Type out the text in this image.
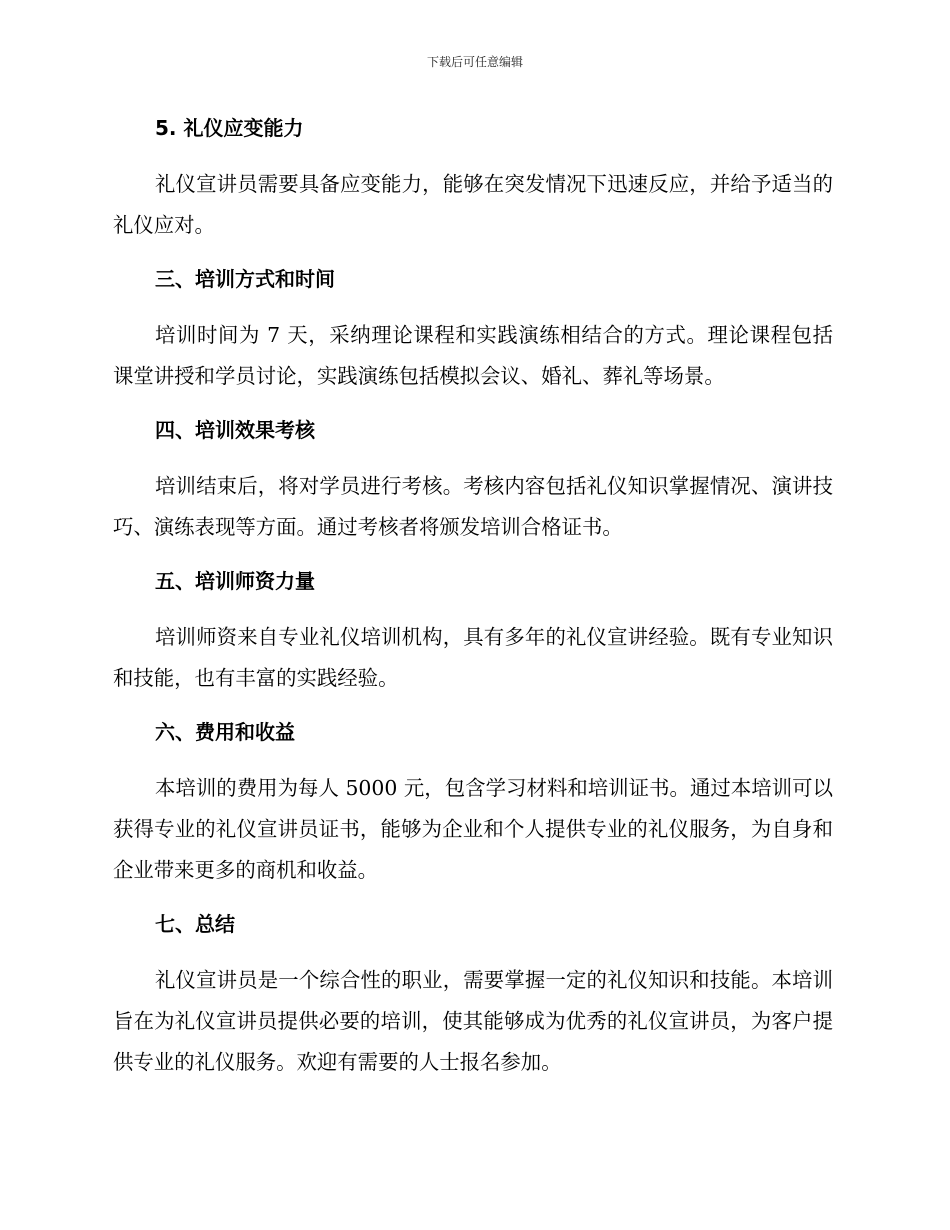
下载后可任意编辑
5. 礼仪应变能力

礼仪宣讲员需要具备应变能力，能够在突发情况下迅速反应，并给予适当的礼仪应对。

三、培训方式和时间

培训时间为 7 天，采纳理论课程和实践演练相结合的方式。理论课程包括课堂讲授和学员讨论，实践演练包括模拟会议、婚礼、葬礼等场景。

四、培训效果考核

培训结束后，将对学员进行考核。考核内容包括礼仪知识掌握情况、演讲技巧、演练表现等方面。通过考核者将颁发培训合格证书。

五、培训师资力量

培训师资来自专业礼仪培训机构，具有多年的礼仪宣讲经验。既有专业知识和技能，也有丰富的实践经验。

六、费用和收益

本培训的费用为每人 5000 元，包含学习材料和培训证书。通过本培训可以获得专业的礼仪宣讲员证书，能够为企业和个人提供专业的礼仪服务，为自身和企业带来更多的商机和收益。

七、总结

礼仪宣讲员是一个综合性的职业，需要掌握一定的礼仪知识和技能。本培训旨在为礼仪宣讲员提供必要的培训，使其能够成为优秀的礼仪宣讲员，为客户提供专业的礼仪服务。欢迎有需要的人士报名参加。
